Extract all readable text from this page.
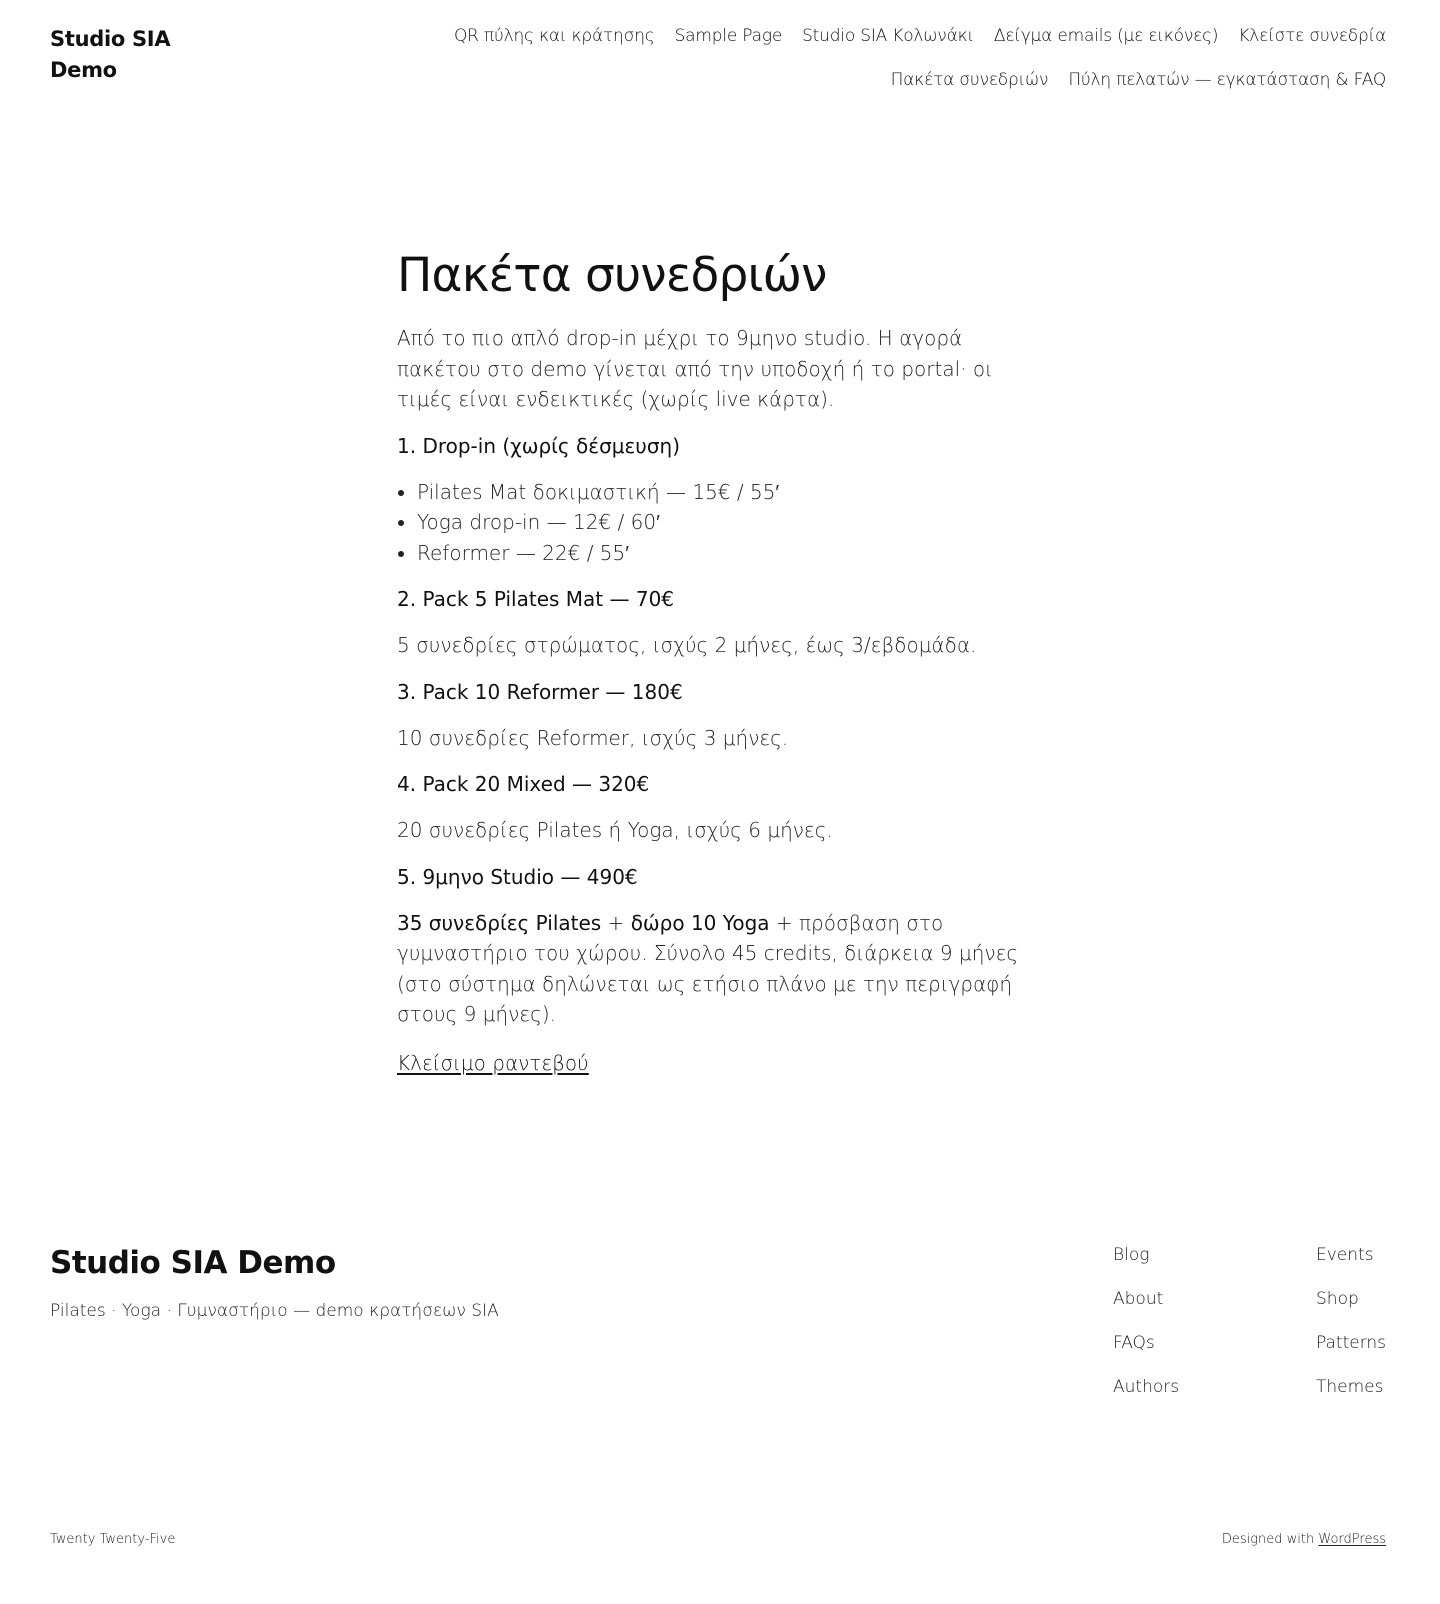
Studio SIA Demo
QR πύλης και κράτησης Sample Page Studio SIA Κολωνάκι Δείγμα emails (με εικόνες) Κλείστε συνεδρία
Πακέτα συνεδριών Πύλη πελατών — εγκατάσταση & FAQ
Πακέτα συνεδριών

Από το πιο απλό drop-in μέχρι το 9μηνο studio. Η αγορά πακέτου στο demo γίνεται από την υποδοχή ή το portal· οι τιμές είναι ενδεικτικές (χωρίς live κάρτα).

1. Drop-in (χωρίς δέσμευση)

• Pilates Mat δοκιμαστική — 15€ / 55′
• Yoga drop-in — 12€ / 60′
• Reformer — 22€ / 55′

2. Pack 5 Pilates Mat — 70€

5 συνεδρίες στρώματος, ισχύς 2 μήνες, έως 3/εβδομάδα.

3. Pack 10 Reformer — 180€

10 συνεδρίες Reformer, ισχύς 3 μήνες.

4. Pack 20 Mixed — 320€

20 συνεδρίες Pilates ή Yoga, ισχύς 6 μήνες.

5. 9μηνο Studio — 490€

35 συνεδρίες Pilates + δώρο 10 Yoga + πρόσβαση στο γυμναστήριο του χώρου. Σύνολο 45 credits, διάρκεια 9 μήνες (στο σύστημα δηλώνεται ως ετήσιο πλάνο με την περιγραφή στους 9 μήνες).

Κλείσιμο ραντεβού
Studio SIA Demo
Pilates · Yoga · Γυμναστήριο — demo κρατήσεων SIA
Blog
About
FAQs
Authors
Events
Shop
Patterns
Themes
Twenty Twenty-Five	Designed with WordPress
